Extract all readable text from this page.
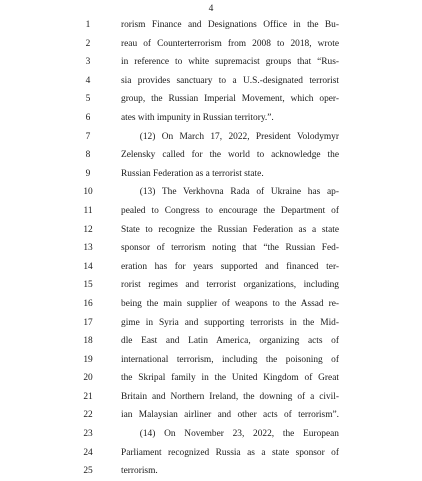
4
1	rorism Finance and Designations Office in the Bu-
2	reau of Counterterrorism from 2008 to 2018, wrote
3	in reference to white supremacist groups that “Rus-
4	sia provides sanctuary to a U.S.-designated terrorist
5	group, the Russian Imperial Movement, which oper-
6	ates with impunity in Russian territory.”.
7	  (12) On March 17, 2022, President Volodymyr
8	Zelensky called for the world to acknowledge the
9	Russian Federation as a terrorist state.
10	  (13) The Verkhovna Rada of Ukraine has ap-
11	pealed to Congress to encourage the Department of
12	State to recognize the Russian Federation as a state
13	sponsor of terrorism noting that “the Russian Fed-
14	eration has for years supported and financed ter-
15	rorist regimes and terrorist organizations, including
16	being the main supplier of weapons to the Assad re-
17	gime in Syria and supporting terrorists in the Mid-
18	dle East and Latin America, organizing acts of
19	international terrorism, including the poisoning of
20	the Skripal family in the United Kingdom of Great
21	Britain and Northern Ireland, the downing of a civil-
22	ian Malaysian airliner and other acts of terrorism”.
23	  (14) On November 23, 2022, the European
24	Parliament recognized Russia as a state sponsor of
25	terrorism.
